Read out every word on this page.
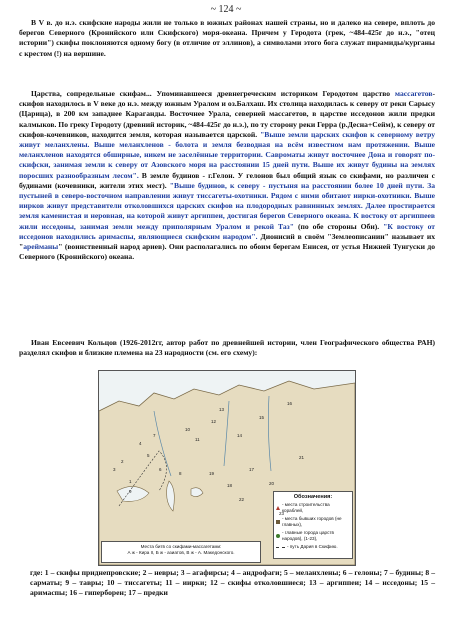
~ 124 ~
В V в. до н.э. скифские народы жили не только в южных районах нашей страны, но и далеко на севере, вплоть до берегов Северного (Кронийского или Скифского) моря-океана. Причем у Геродота (грек, ~484-425г до н.э., "отец истории") скифы поклоняются одному богу (в отличие от эллинов), а символами этого бога служат пирамиды/курганы с крестом (!) на вершине.
Царства, сопредельные скифам... Упоминавшееся древнегреческим историком Геродотом царство массагетов-скифов находилось в V веке до н.э. между южным Уралом и оз.Балхаш. Их столица находилась к северу от реки Сарысу (Царица), в 200 км западнее Караганды. Восточнее Урала, северней массагетов, в царстве исседонов жили предки калмыков. По греку Геродоту (древний историк, ~484-425г до н.э.), по ту сторону реки Герра (р.Десна+Сейм), к северу от скифов-кочевников, находится земля, которая называется царской. "Выше земли царских скифов к северному ветру живут меланхлены. Выше меланхленов - болота и земля безводная на всём известном нам протяжении. Выше меланхленов находятся обширные, никем не заселённые территории. Савроматы живут восточнее Дона и говорят по-скифски, занимая земли к северу от Азовского моря на расстоянии 15 дней пути. Выше их живут будины на землях поросших разнообразным лесом". В земле будинов - г.Гелон. У гелонов был общий язык со скифами, но различен с будинами (кочевники, жители этих мест). "Выше будинов, к северу - пустыня на расстоянии более 10 дней пути. За пустыней в северо-восточном направлении живут тиссагеты-охотники. Рядом с ними обитают иирки-охотники. Выше иирков живут представители отколовшихся царских скифов на плодородных равнинных землях. Далее простирается земля каменистая и неровная, на которой живут аргиппеи, достигая берегов Северного океана. К востоку от аргиппеев жили исседоны, занимая земли между приполярным Уралом и рекой Таз" (по обе стороны Оби). "К востоку от исседонов находились аримаспы, являющиеся скифским народом". Дионисий в своём "Землеописании" называет их "арейманы" (воинственный народ ариев). Они располагались по обоим берегам Енисея, от устья Нижней Тунгуски до Северного (Кронийского) океана.
Иван Евсеевич Кольцов (1926-2012гг, автор работ по древнейшей истории, член Географического общества РАН) разделял скифов и близкие племена на 23 народности (см. его схему):
Обозначения:
- места строительства кораблей,
- места бывших городов (не главных),
- главные города царств народов), (1-23),
- путь Дария в Скифию.
Места битв со скифами-массагетами:
А ж - Кира II, Б ж - азиатов, В ж - А. Македонского.
1
2
3
4
5
6
7
8
9
10
11
12
13
14
15
16
17
18
19
20
21
22
23
где: 1 – скифы приднепровские; 2 – невры; 3 – агафирсы; 4 – андрофаги; 5 – меланхлены; 6 – гелоны; 7 – будины; 8 – сарматы; 9 – тавры; 10 – тиссагеты; 11 – иирки; 12 – скифы отколовшиеся; 13 – аргиппеи; 14 – исседоны; 15 – аримаспы; 16 – гиперборен; 17 – предки
